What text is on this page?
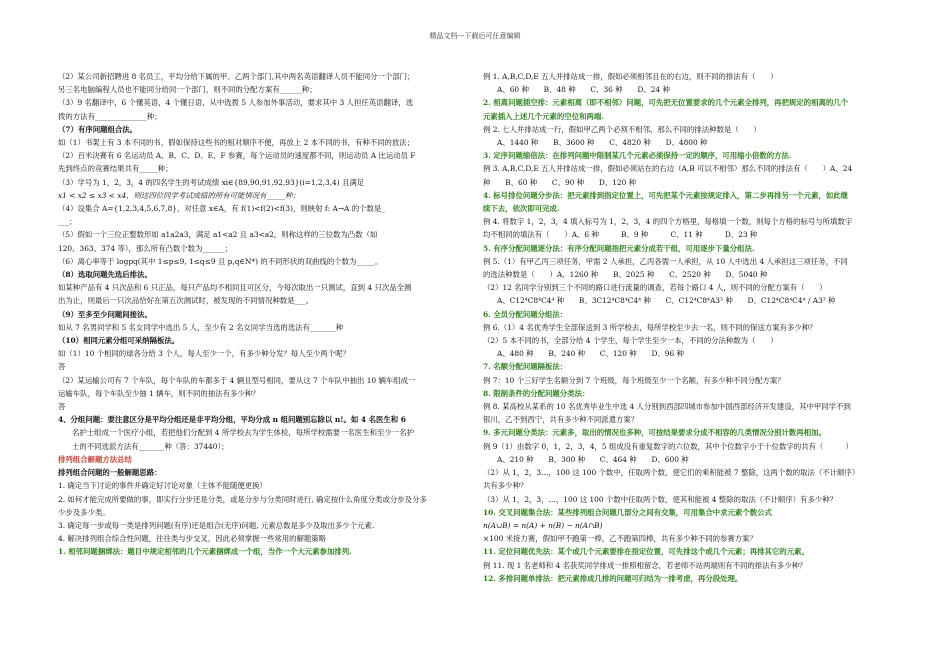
精品文档---下载后可任意编辑

（2）某公司新招聘进 8 名员工，平均分给下属的甲、乙两个部门,其中两名英语翻译人员不能同分一个部门；

另三名电脑编程人员也不能同分给同一个部门，则不同的分配方案有______种；

（3）9 名翻译中，6 个懂英语，4 个懂日语，从中选拨 5 人参加外事活动，要求其中 3 人担任英语翻译，选

拨的方法有______________种；

（7）有序问题组合法。

如（1）书架上有 3 本不同的书，假如保持这些书的相对顺序不便，再放上 2 本不同的书，有种不同的放法；

（2）百米决赛有 6 名运动员 A、B、C、D、E、F 参赛，每个运动员的速度都不同，则运动员 A 比运动员 F

先到终点的竞赛结果共有_____种；

（3）学号为 1，2，3，4 的四名学生的考试成绩 xi∈{89,90,91,92,93}(i=1,2,3,4) 且满足

x1 < x2 ≤ x3 < x4，则这四位同学考试成绩的所有可能情况有_____种；

（4）设集合 A={1,2,3,4,5,6,7,8}，对任意 x∈A，有 f(1)<f(2)<f(3)，则映射 f: A→A 的个数是_

___；

（5）假如一个三位正整数形如 a1a2a3，满足 a1<a2 且 a3<a2，则称这样的三位数为凸数（如

120、363、374 等），那么所有凸数个数为______；

（6）离心率等于 logpq(其中 1≤p≤9, 1≤q≤9 且 p,q∈N*) 的不同形状的双曲线的个数为_____。

（8）选取问题先选后排法。

如某种产品有 4 只次品和 6 只正品，每只产品均不相同且可区分，今每次取出一只测试，直到 4 只次品全测

出为止，则最后一只次品恰好在第五次测试时，被发现的不同情况种数是___。

（9）至多至少问题间接法。

如从 7 名男同学和 5 名女同学中选出 5 人，至少有 2 名女同学当选的选法有_______种

（10）相同元素分组可采纳隔板法。

如（1）10 个相同的球各分给 3 个人，每人至少一个，有多少种分发？每人至少两个呢？

答

（2）某运输公司有 7 个车队，每个车队的车都多于 4 辆且型号相同，要从这 7 个车队中抽出 10 辆车组成一

运输车队，每个车队至少抽 1 辆车，则不同的抽法有多少种？

答

4、分组问题：要注意区分是平均分组还是非平均分组，平均分成 n 组问题别忘除以 n!。如 4 名医生和 6

名护士组成一个医疗小组，若把他们分配到 4 所学校去为学生体检，每所学校需要一名医生和至少一名护

士的不同选派方法有_______种（答：37440）；

排列组合解题方法总结

排列组合问题的一般解题思路：

1. 确定当下讨论的事件并确定好讨论对象（主体不能随便更换）

2. 如何才能完成所要做的事，即实行分步还是分类，或是分步与分类同时进行, 确定按什么角度分类或分步及分多

少步及多少类。

3. 确定每一步或每一类是排列问题(有序)还是组合(无序)问题, 元素总数是多少及取出多少个元素.

4. 解决排列组合综合性问题，往往类与步交叉，因此必须掌握一些常用的解题策略

1. 相邻问题捆绑法：题目中规定相邻的几个元素捆绑成一个组，当作一个大元素参加排列.

例 1. A,B,C,D,E 五人并排站成一排，假如必须相邻且在的右边，则不同的排法有（　　）

A、60 种　　B、48 种　　C、36 种　　D、24 种

2. 相离问题插空排：元素相离（即不相邻）问题，可先把无位置要求的几个元素全排列，再把规定的相离的几个

元素插入上述几个元素的空位和两端.

例 2. 七人并排站成一行，假如甲乙两个必须不相邻，那么不同的排法种数是（　　）

A、1440 种　　B、3600 种　　C、4820 种　　D、4800 种

3. 定序问题缩倍法：在排列问题中限制某几个元素必须保持一定的顺序，可用缩小倍数的方法.

例 3. A,B,C,D,E 五人并排站成一排，假如必须站在的右边（A,B 可以不相邻）那么不同的排法有（　　）A、24

种　　B、60 种　　C、90 种　　D、120 种

4. 标号排位问题分步法：把元素排到指定位置上，可先把某个元素按规定排入，第二步再排另一个元素，如此继

续下去，依次即可完成.

例 4. 将数字 1，2，3，4 填入标号为 1，2，3，4 的四个方格里，每格填一个数，则每个方格的标号与所填数字

均不相同的填法有（　　）A、6 种　　　B、9 种　　　C、11 种　　　D、23 种

5. 有序分配问题逐分法：有序分配问题指把元素分成若干组，可用逐步下量分组法.

例 5.（1）有甲乙丙三项任务，甲需 2 人承担，乙丙各需一人承担，从 10 人中选出 4 人承担这三项任务，不同

的选法种数是（　　）A、1260 种　　B、2025 种　　C、2520 种　　D、5040 种

（2）12 名同学分别到三个不同的路口进行流量的调查，若每个路口 4 人，则不同的分配方案有（　　）

A、C12⁴C8⁴C4⁴ 种　　B、3C12⁴C8⁴C4⁴ 种　　C、C12⁴C8⁴A3³ 种　　D、C12⁴C8⁴C4⁴ / A3³ 种

6. 全员分配问题分组法：

例 6.（1）4 名优秀学生全部保送到 3 所学校去，每所学校至少去一名，则不同的保送方案有多少种？

（2）5 本不同的书，全部分给 4 个学生，每个学生至少一本，不同的分法种数为（　　）

A、480 种　　B、240 种　　C、120 种　　D、96 种

7. 名额分配问题隔板法：

例 7：10 个三好学生名额分到 7 个班级，每个班级至少一个名额，有多少种不同分配方案？

8. 限制条件的分配问题分类法：

例 8. 某高校从某系的 10 名优秀毕业生中选 4 人分别到西部四城市参加中国西部经济开发建设，其中甲同学不到

银川，乙不到西宁，共有多少种不同派遣方案？

9. 多元问题分类法：元素多，取出的情况也多种，可按结果要求分成不相容的几类情况分别计数再相加。

例 9（1）由数字 0，1，2，3，4，5 组成没有重复数字的六位数，其中个位数字小于十位数字的共有（　　　）

A、210 种　　B、300 种　　C、464 种　　D、600 种

（2）从 1，2，3…，100 这 100 个数中，任取两个数，使它们的乘积能被 7 整除，这两个数的取法（不计顺序）

共有多少种？

（3）从 1，2，3，…，100 这 100 个数中任取两个数，使其和能被 4 整除的取法（不计顺序）有多少种？

10. 交叉问题集合法：某些排列组合问题几部分之间有交集，可用集合中求元素个数公式

n(A∪B) = n(A) + n(B) − n(A∩B)

×100 米接力赛，假如甲不跑第一棒，乙不跑第四棒，共有多少种不同的参赛方案？

11. 定位问题优先法：某个或几个元素要排在指定位置，可先排这个或几个元素；再排其它的元素。

例 11. 现 1 名老师和 4 名获奖同学排成一排照相留念，若老师不站两端则有不同的排法有多少种？

12. 多排问题单排法：把元素排成几排的问题可归结为一排考虑，再分段处理。
